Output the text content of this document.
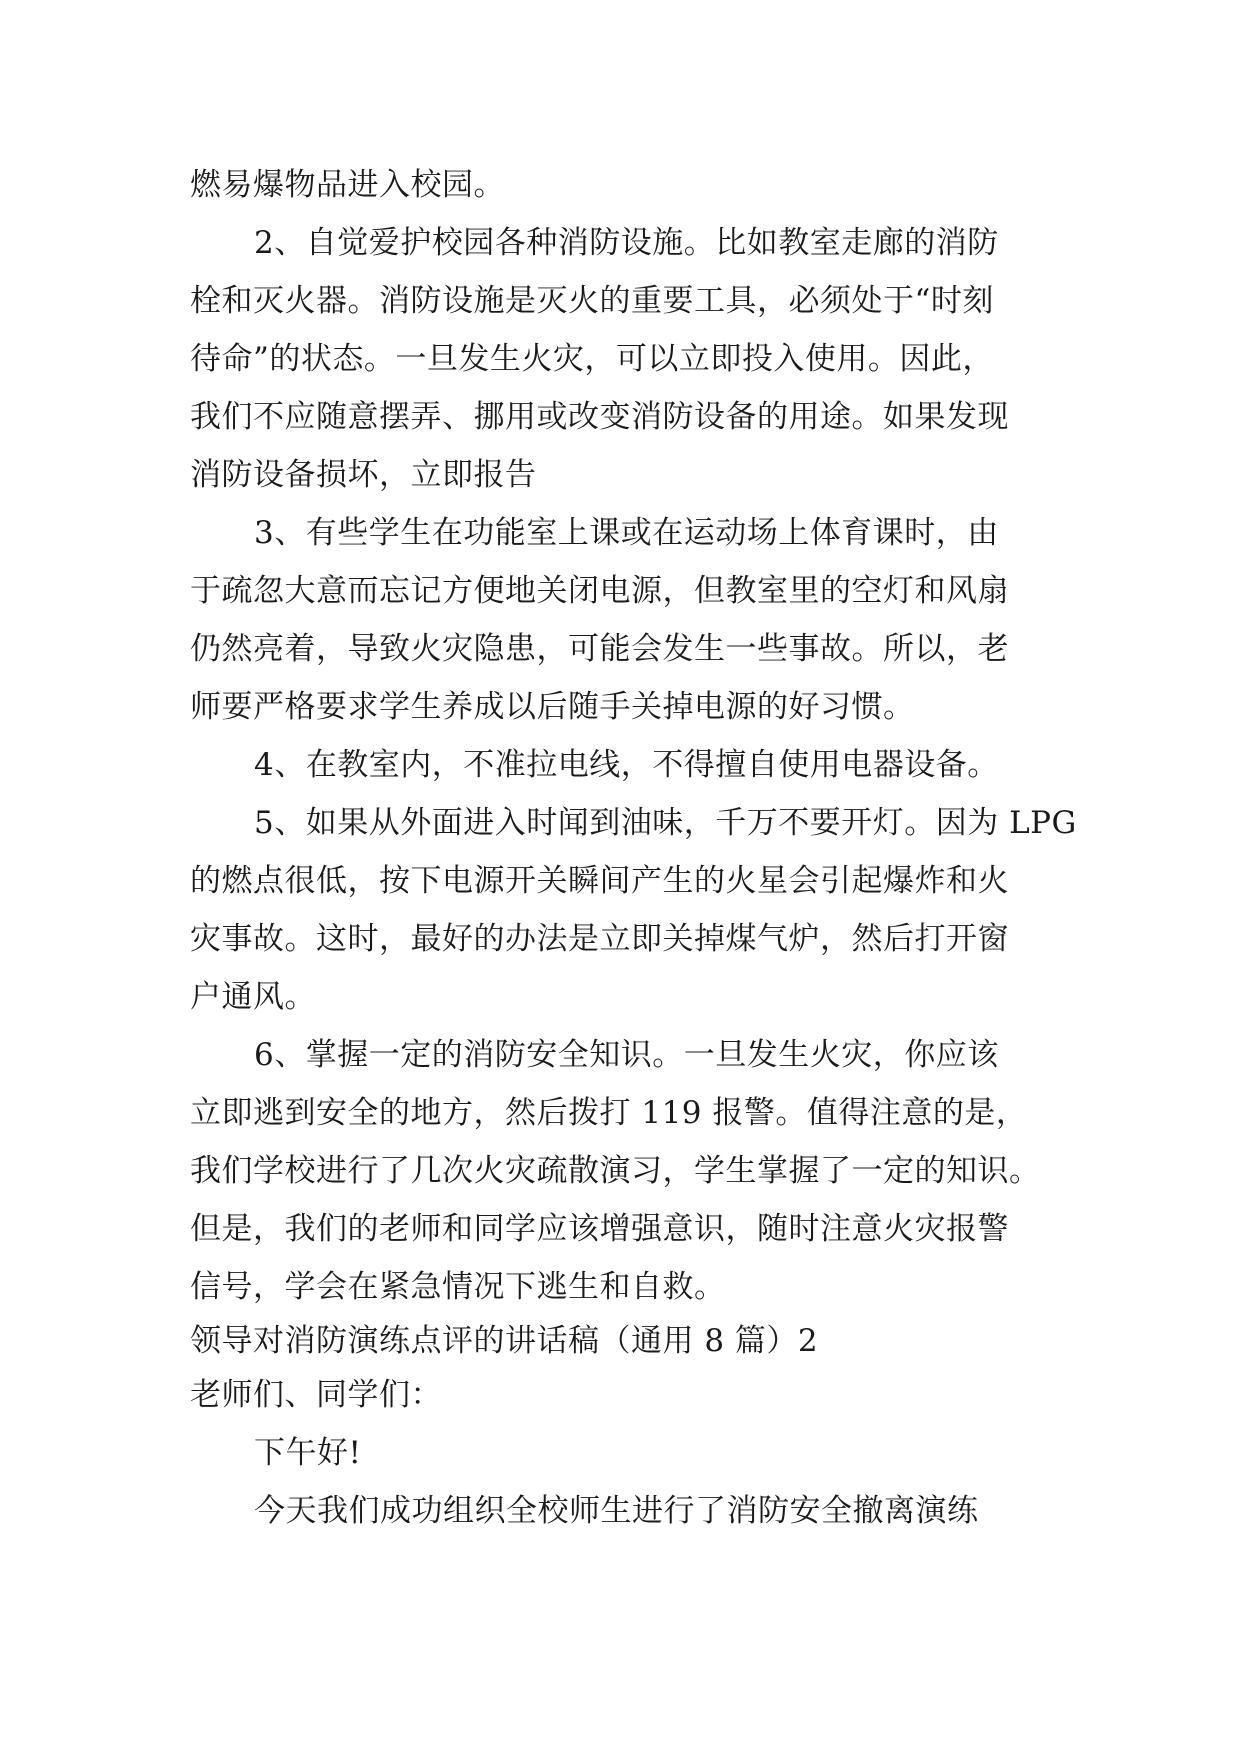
燃易爆物品进入校园。
2、自觉爱护校园各种消防设施。比如教室走廊的消防
栓和灭火器。消防设施是灭火的重要工具，必须处于“时刻
待命”的状态。一旦发生火灾，可以立即投入使用。因此，
我们不应随意摆弄、挪用或改变消防设备的用途。如果发现
消防设备损坏，立即报告
3、有些学生在功能室上课或在运动场上体育课时，由
于疏忽大意而忘记方便地关闭电源，但教室里的空灯和风扇
仍然亮着，导致火灾隐患，可能会发生一些事故。所以，老
师要严格要求学生养成以后随手关掉电源的好习惯。
4、在教室内，不准拉电线，不得擅自使用电器设备。
5、如果从外面进入时闻到油味，千万不要开灯。因为 LPG
的燃点很低，按下电源开关瞬间产生的火星会引起爆炸和火
灾事故。这时，最好的办法是立即关掉煤气炉，然后打开窗
户通风。
6、掌握一定的消防安全知识。一旦发生火灾，你应该
立即逃到安全的地方，然后拨打 119 报警。值得注意的是，
我们学校进行了几次火灾疏散演习，学生掌握了一定的知识。
但是，我们的老师和同学应该增强意识，随时注意火灾报警
信号，学会在紧急情况下逃生和自救。
领导对消防演练点评的讲话稿（通用 8 篇）2
老师们、同学们：
下午好!
今天我们成功组织全校师生进行了消防安全撤离演练
